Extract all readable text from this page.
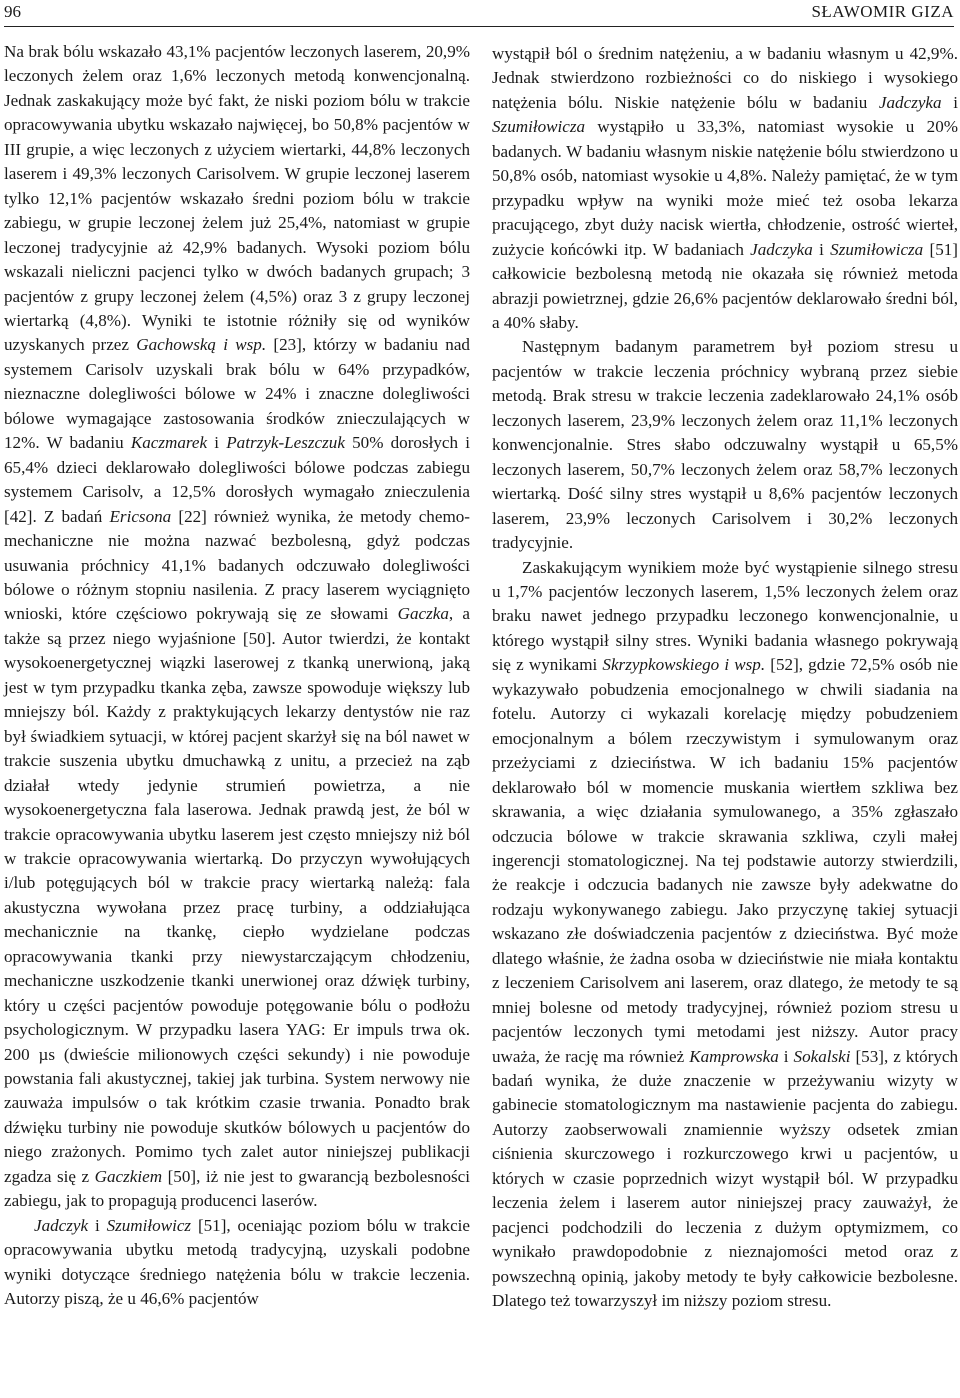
96	SŁAWOMIR GIZA

Na brak bólu wskazało 43,1% pacjentów leczonych laserem, 20,9% leczonych żelem oraz 1,6% leczonych metodą konwencjonalną. Jednak zaskakujący może być fakt, że niski poziom bólu w trakcie opracowywania ubytku wskazało najwięcej, bo 50,8% pacjentów w III grupie, a więc leczonych z użyciem wiertarki, 44,8% leczonych laserem i 49,3% leczonych Carisolvem. W grupie leczonej laserem tylko 12,1% pacjentów wskazało średni poziom bólu w trakcie zabiegu, w grupie leczonej żelem już 25,4%, natomiast w grupie leczonej tradycyjnie aż 42,9% badanych. Wysoki poziom bólu wskazali nieliczni pacjenci tylko w dwóch badanych grupach; 3 pacjentów z grupy leczonej żelem (4,5%) oraz 3 z grupy leczonej wiertarką (4,8%). Wyniki te istotnie różniły się od wyników uzyskanych przez Gachowską i wsp. [23], którzy w badaniu nad systemem Carisolv uzyskali brak bólu w 64% przypadków, nieznaczne dolegliwości bólowe w 24% i znaczne dolegliwości bólowe wymagające zastosowania środków znieczulających w 12%. W badaniu Kaczmarek i Patrzyk-Leszczuk 50% dorosłych i 65,4% dzieci deklarowało dolegliwości bólowe podczas zabiegu systemem Carisolv, a 12,5% dorosłych wymagało znieczulenia [42]. Z badań Ericsona [22] również wynika, że metody chemo-mechaniczne nie można nazwać bezbolesną, gdyż podczas usuwania próchnicy 41,1% badanych odczuwało dolegliwości bólowe o różnym stopniu nasilenia. Z pracy laserem wyciągnięto wnioski, które częściowo pokrywają się ze słowami Gaczka, a także są przez niego wyjaśnione [50]. Autor twierdzi, że kontakt wysokoenergetycznej wiązki laserowej z tkanką unerwioną, jaką jest w tym przypadku tkanka zęba, zawsze spowoduje większy lub mniejszy ból. Każdy z praktykujących lekarzy dentystów nie raz był świadkiem sytuacji, w której pacjent skarżył się na ból nawet w trakcie suszenia ubytku dmuchawką z unitu, a przecież na ząb działał wtedy jedynie strumień powietrza, a nie wysokoenergetyczna fala laserowa. Jednak prawdą jest, że ból w trakcie opracowywania ubytku laserem jest często mniejszy niż ból w trakcie opracowywania wiertarką. Do przyczyn wywołujących i/lub potęgujących ból w trakcie pracy wiertarką należą: fala akustyczna wywołana przez pracę turbiny, a oddziałująca mechanicznie na tkankę, ciepło wydzielane podczas opracowywania tkanki przy niewystarczającym chłodzeniu, mechaniczne uszkodzenie tkanki unerwionej oraz dźwięk turbiny, który u części pacjentów powoduje potęgowanie bólu o podłożu psychologicznym. W przypadku lasera YAG: Er impuls trwa ok. 200 µs (dwieście milionowych części sekundy) i nie powoduje powstania fali akustycznej, takiej jak turbina. System nerwowy nie zauważa impulsów o tak krótkim czasie trwania. Ponadto brak dźwięku turbiny nie powoduje skutków bólowych u pacjentów do niego zrażonych. Pomimo tych zalet autor niniejszej publikacji zgadza się z Gaczkiem [50], iż nie jest to gwarancją bezbolesności zabiegu, jak to propagują producenci laserów.

Jadczyk i Szumiłowicz [51], oceniając poziom bólu w trakcie opracowywania ubytku metodą tradycyjną, uzyskali podobne wyniki dotyczące średniego natężenia bólu w trakcie leczenia. Autorzy piszą, że u 46,6% pacjentów

wystąpił ból o średnim natężeniu, a w badaniu własnym u 42,9%. Jednak stwierdzono rozbieżności co do niskiego i wysokiego natężenia bólu. Niskie natężenie bólu w badaniu Jadczyka i Szumiłowicza wystąpiło u 33,3%, natomiast wysokie u 20% badanych. W badaniu własnym niskie natężenie bólu stwierdzono u 50,8% osób, natomiast wysokie u 4,8%. Należy pamiętać, że w tym przypadku wpływ na wyniki może mieć też osoba lekarza pracującego, zbyt duży nacisk wiertła, chłodzenie, ostrość wierteł, zużycie końcówki itp. W badaniach Jadczyka i Szumiłowicza [51] całkowicie bezbolesną metodą nie okazała się również metoda abrazji powietrznej, gdzie 26,6% pacjentów deklarowało średni ból, a 40% słaby.

Następnym badanym parametrem był poziom stresu u pacjentów w trakcie leczenia próchnicy wybraną przez siebie metodą. Brak stresu w trakcie leczenia zadeklarowało 24,1% osób leczonych laserem, 23,9% leczonych żelem oraz 11,1% leczonych konwencjonalnie. Stres słabo odczuwalny wystąpił u 65,5% leczonych laserem, 50,7% leczonych żelem oraz 58,7% leczonych wiertarką. Dość silny stres wystąpił u 8,6% pacjentów leczonych laserem, 23,9% leczonych Carisolvem i 30,2% leczonych tradycyjnie.

Zaskakującym wynikiem może być wystąpienie silnego stresu u 1,7% pacjentów leczonych laserem, 1,5% leczonych żelem oraz braku nawet jednego przypadku leczonego konwencjonalnie, u którego wystąpił silny stres. Wyniki badania własnego pokrywają się z wynikami Skrzypkowskiego i wsp. [52], gdzie 72,5% osób nie wykazywało pobudzenia emocjonalnego w chwili siadania na fotelu. Autorzy ci wykazali korelację między pobudzeniem emocjonalnym a bólem rzeczywistym i symulowanym oraz przeżyciami z dzieciństwa. W ich badaniu 15% pacjentów deklarowało ból w momencie muskania wiertłem szkliwa bez skrawania, a więc działania symulowanego, a 35% zgłaszało odczucia bólowe w trakcie skrawania szkliwa, czyli małej ingerencji stomatologicznej. Na tej podstawie autorzy stwierdzili, że reakcje i odczucia badanych nie zawsze były adekwatne do rodzaju wykonywanego zabiegu. Jako przyczynę takiej sytuacji wskazano złe doświadczenia pacjentów z dzieciństwa. Być może dlatego właśnie, że żadna osoba w dzieciństwie nie miała kontaktu z leczeniem Carisolvem ani laserem, oraz dlatego, że metody te są mniej bolesne od metody tradycyjnej, również poziom stresu u pacjentów leczonych tymi metodami jest niższy. Autor pracy uważa, że rację ma również Kamprowska i Sokalski [53], z których badań wynika, że duże znaczenie w przeżywaniu wizyty w gabinecie stomatologicznym ma nastawienie pacjenta do zabiegu. Autorzy zaobserwowali znamiennie wyższy odsetek zmian ciśnienia skurczowego i rozkurczowego krwi u pacjentów, u których w czasie poprzednich wizyt wystąpił ból. W przypadku leczenia żelem i laserem autor niniejszej pracy zauważył, że pacjenci podchodzili do leczenia z dużym optymizmem, co wynikało prawdopodobnie z nieznajomości metod oraz z powszechną opinią, jakoby metody te były całkowicie bezbolesne. Dlatego też towarzyszył im niższy poziom stresu.
